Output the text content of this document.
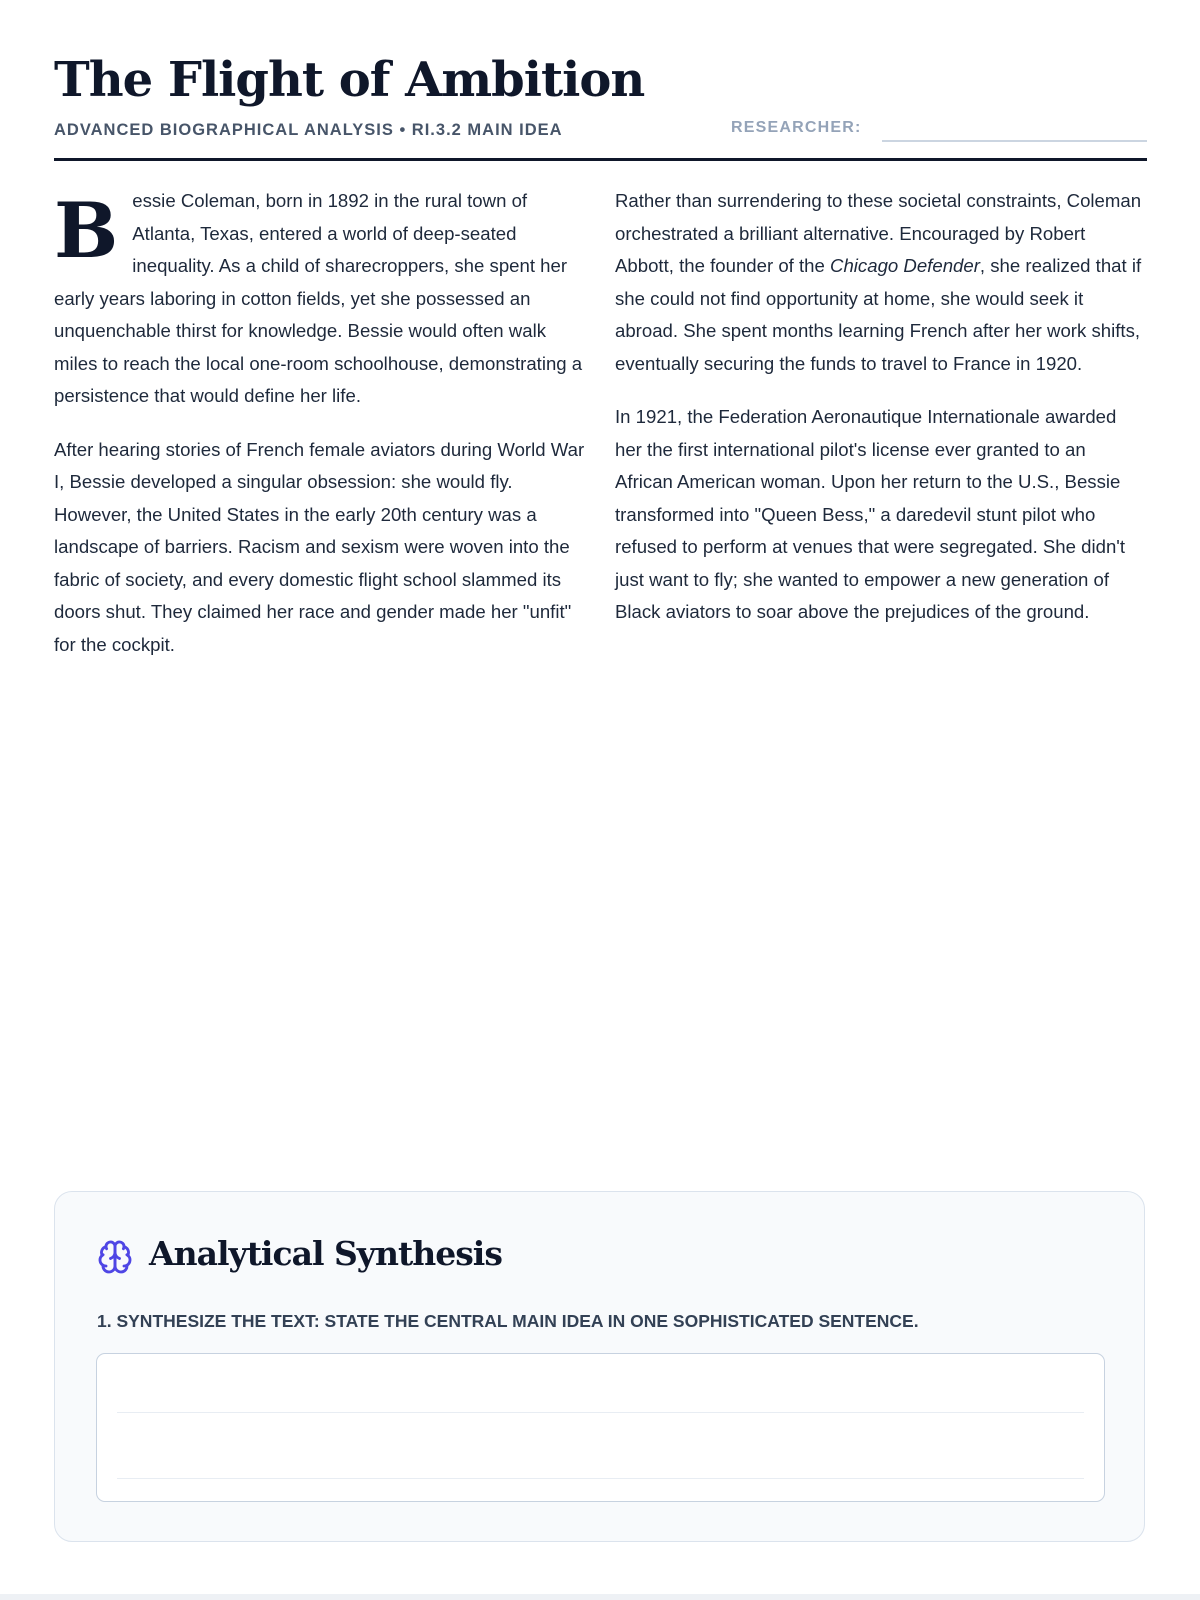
The Flight of Ambition
ADVANCED BIOGRAPHICAL ANALYSIS • RI.3.2 MAIN IDEA	RESEARCHER:

Bessie Coleman, born in 1892 in the rural town of Atlanta, Texas, entered a world of deep-seated inequality. As a child of sharecroppers, she spent her early years laboring in cotton fields, yet she possessed an unquenchable thirst for knowledge. Bessie would often walk miles to reach the local one-room schoolhouse, demonstrating a persistence that would define her life.

After hearing stories of French female aviators during World War I, Bessie developed a singular obsession: she would fly. However, the United States in the early 20th century was a landscape of barriers. Racism and sexism were woven into the fabric of society, and every domestic flight school slammed its doors shut. They claimed her race and gender made her "unfit" for the cockpit.

Rather than surrendering to these societal constraints, Coleman orchestrated a brilliant alternative. Encouraged by Robert Abbott, the founder of the Chicago Defender, she realized that if she could not find opportunity at home, she would seek it abroad. She spent months learning French after her work shifts, eventually securing the funds to travel to France in 1920.

In 1921, the Federation Aeronautique Internationale awarded her the first international pilot's license ever granted to an African American woman. Upon her return to the U.S., Bessie transformed into "Queen Bess," a daredevil stunt pilot who refused to perform at venues that were segregated. She didn't just want to fly; she wanted to empower a new generation of Black aviators to soar above the prejudices of the ground.

Analytical Synthesis
1. SYNTHESIZE THE TEXT: STATE THE CENTRAL MAIN IDEA IN ONE SOPHISTICATED SENTENCE.
